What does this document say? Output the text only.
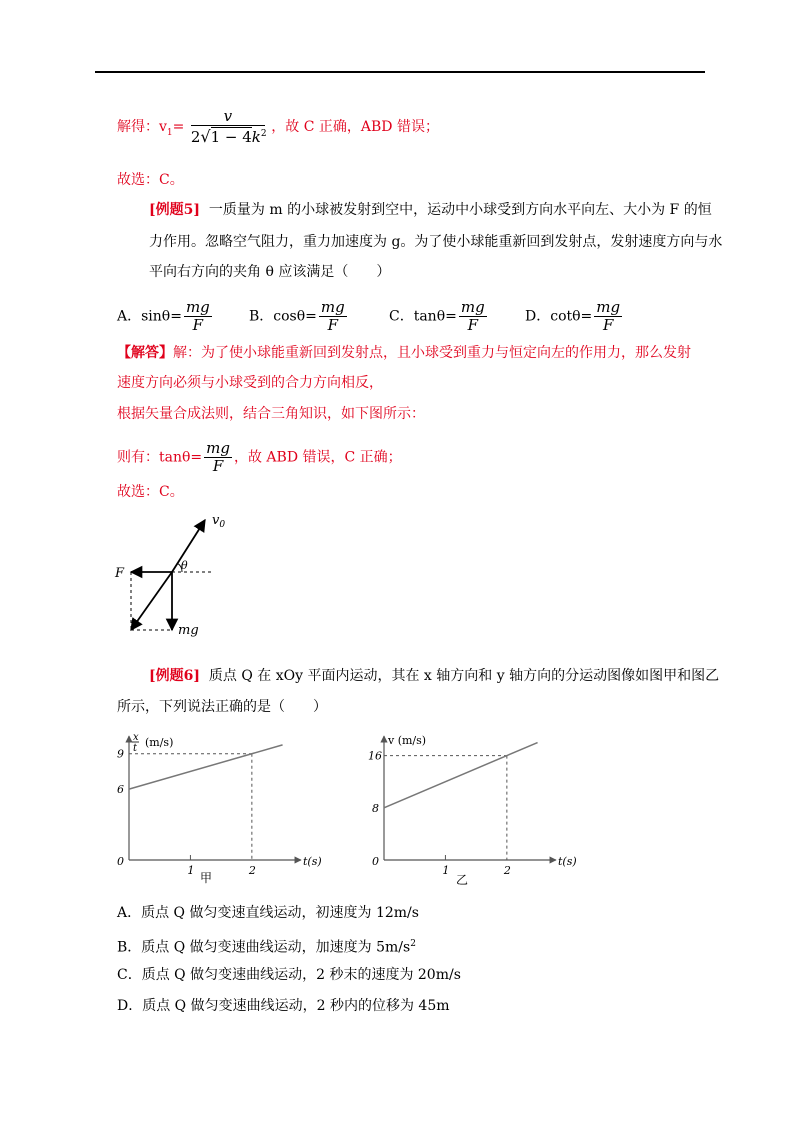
解得：$v_1= \frac{v}{2√1 - 4k^2}$ ，故 C 正确，ABD 错误；
故选：C。
[例题5] 一质量为 m 的小球被发射到空中，运动中小球受到方向水平向左、大小为 F 的恒
力作用。忽略空气阻力，重力加速度为 g。为了使小球能重新回到发射点，发射速度方向与水
平向右方向的夹角 θ 应该满足（　　）
A．$\sin\theta= \frac{mg}{F}$	B．$\cos\theta= \frac{mg}{F}$	C．$\tan\theta= \frac{mg}{F}$	D．$\cot\theta= \frac{mg}{F}$
【解答】解：为了使小球能重新回到发射点，且小球受到重力与恒定向左的作用力，那么发射
速度方向必须与小球受到的合力方向相反，
根据矢量合成法则，结合三角知识，如下图所示：
则有：$\tan\theta= \frac{mg}{F}$ ，故 ABD 错误，C 正确；
故选：C。
$v_0$
θ
F
mg
[例题6] 质点 Q 在 xOy 平面内运动，其在 x 轴方向和 y 轴方向的分运动图像如图甲和图乙
所示，下列说法正确的是（　　）
x
t (m/s)
0
9
6
1	2
t(s)
甲
v (m/s)
0
16
8
1	2
t(s)
乙
A．质点 Q 做匀变速直线运动，初速度为 12m/s
B．质点 Q 做匀变速曲线运动，加速度为 $5m/s^2$
C．质点 Q 做匀变速曲线运动，2 秒末的速度为 20m/s
D．质点 Q 做匀变速曲线运动，2 秒内的位移为 45m
